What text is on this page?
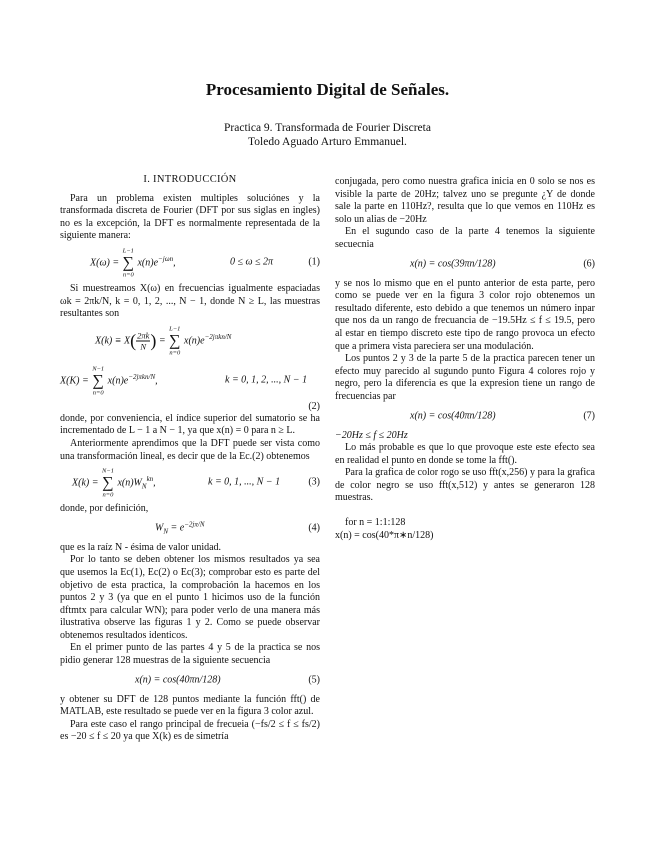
Procesamiento Digital de Señales.
Practica 9. Transformada de Fourier Discreta
Toledo Aguado Arturo Emmanuel.
I. INTRODUCCIÓN

Para un problema existen multiples soluciónes y la transformada discreta de Fourier (DFT por sus siglas en ingles) no es la excepción, la DFT es normalmente representada de la siguiente manera:

X(ω) =
L−1
∑
n=0
$x(n)e^{-j\omega n}$,	0 ≤ ω ≤ 2π	(1)

Si muestreamos X(ω) en frecuencias igualmente espaciadas ωk = 2πk/N, k = 0, 1, 2, ..., N − 1, donde N ≥ L, las muestras resultantes son

$X(k) \equiv X( \frac{2\pi k}{N}$ ) =
L−1
∑
n=0
$x(n)e^{-2j\pi kn/N}$
X(K) =
N−1
∑
n=0
$x(n)e^{-2j\pi kn/N}$,	k = 0, 1, 2, ..., N − 1
(2)

donde, por conveniencia, el índice superior del sumatorio se ha incrementado de L − 1 a N − 1, ya que x(n) = 0 para n ≥ L.

Anteriormente aprendimos que la DFT puede ser vista como una transformación lineal, es decir que de la Ec.(2) obtenemos

X(k) =
N−1
∑
n=0
$x(n)W_N^{kn}$,	k = 0, 1, ..., N − 1	(3)

donde, por definición,

$W_N = e^{-2j\pi/N}$	(4)

que es la raíz N - ésima de valor unidad.

Por lo tanto se deben obtener los mismos resultados ya sea que usemos la Ec(1), Ec(2) o Ec(3); comprobar esto es parte del objetivo de esta practica, la comprobación la hacemos en los puntos 2 y 3 (ya que en el punto 1 hicimos uso de la función dftmtx para calcular WN); para poder verlo de una manera más ilustrativa observe las figuras 1 y 2. Como se puede observar obtenemos resultados identicos.

En el primer punto de las partes 4 y 5 de la practica se nos pidio generar 128 muestras de la siguiente secuencia

x(n) = cos(40πn/128)	(5)

y obtener su DFT de 128 puntos mediante la función fft() de MATLAB, este resultado se puede ver en la figura 3 color azul.

Para este caso el rango principal de frecueia (−fs/2 ≤ f ≤ fs/2) es −20 ≤ f ≤ 20 ya que X(k) es de simetría

conjugada, pero como nuestra grafica inicia en 0 solo se nos es visible la parte de 20Hz; talvez uno se pregunte ¿Y de donde sale la parte en 110Hz?, resulta que lo que vemos en 110Hz es solo un alias de −20Hz

En el sugundo caso de la parte 4 tenemos la siguiente secuecnia

x(n) = cos(39πn/128)	(6)

y se nos lo mismo que en el punto anterior de esta parte, pero como se puede ver en la figura 3 color rojo obtenemos un resultado diferente, esto debido a que tenemos un número inpar que nos da un rango de frecuancia de −19.5Hz ≤ f ≤ 19.5, pero al estar en tiempo discreto este tipo de rango provoca un efecto que a primera vista pareciera ser una modulación.

Los puntos 2 y 3 de la parte 5 de la practica parecen tener un efecto muy parecido al sugundo punto Figura 4 colores rojo y negro, pero la diferencia es que la expresion tiene un rango de frecuencias par

x(n) = cos(40πn/128)	(7)

−20Hz ≤ f ≤ 20Hz

Lo más probable es que lo que provoque este este efecto sea en realidad el punto en donde se tome la fft().

Para la grafica de color rogo se uso fft(x,256) y para la grafica de color negro se uso fft(x,512) y antes se generaron 128 muestras.

for n = 1:1:128

x(n) = cos(40*π∗n/128)
